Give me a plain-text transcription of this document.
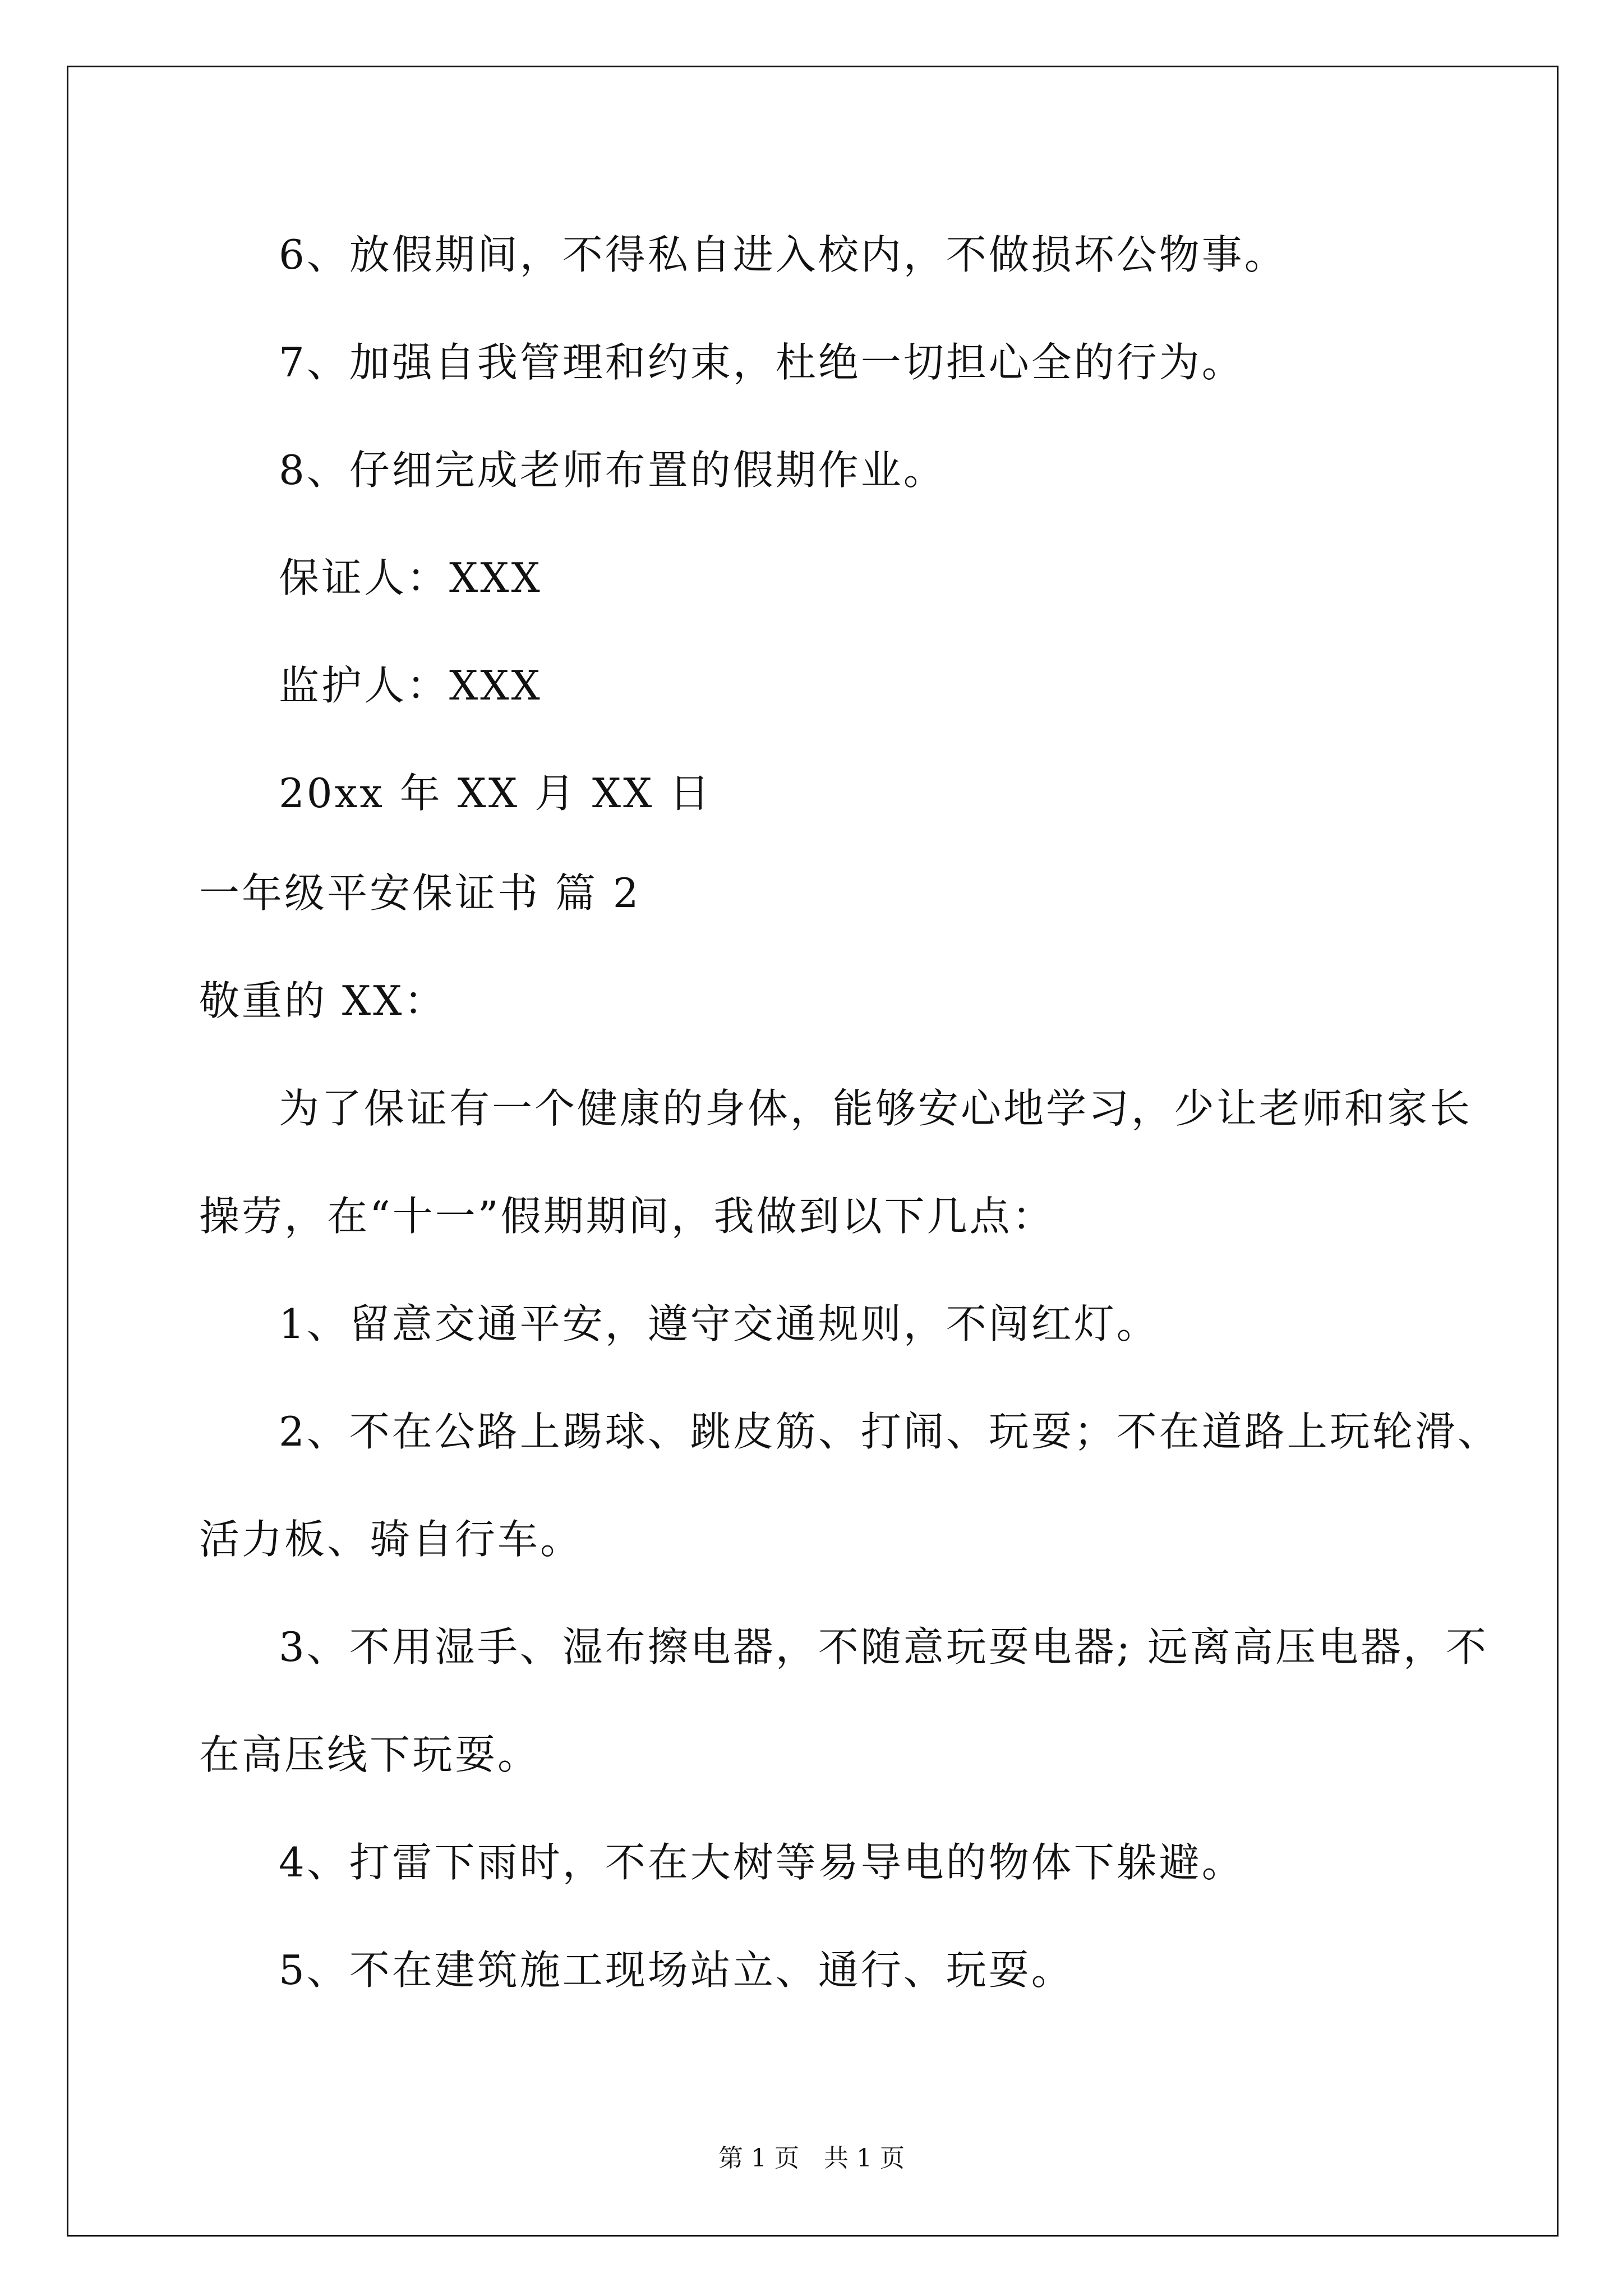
6、放假期间，不得私自进入校内，不做损坏公物事。

7、加强自我管理和约束，杜绝一切担心全的行为。

8、仔细完成老师布置的假期作业。

保证人：XXX

监护人：XXX

20xx 年 XX 月 XX 日

一年级平安保证书 篇 2

敬重的 XX：

为了保证有一个健康的身体，能够安心地学习，少让老师和家长

操劳，在“十一”假期期间，我做到以下几点：

1、留意交通平安，遵守交通规则，不闯红灯。

2、不在公路上踢球、跳皮筋、打闹、玩耍；不在道路上玩轮滑、

活力板、骑自行车。

3、不用湿手、湿布擦电器，不随意玩耍电器; 远离高压电器，不

在高压线下玩耍。

4、打雷下雨时，不在大树等易导电的物体下躲避。

5、不在建筑施工现场站立、通行、玩耍。

第 1 页 共 1 页
